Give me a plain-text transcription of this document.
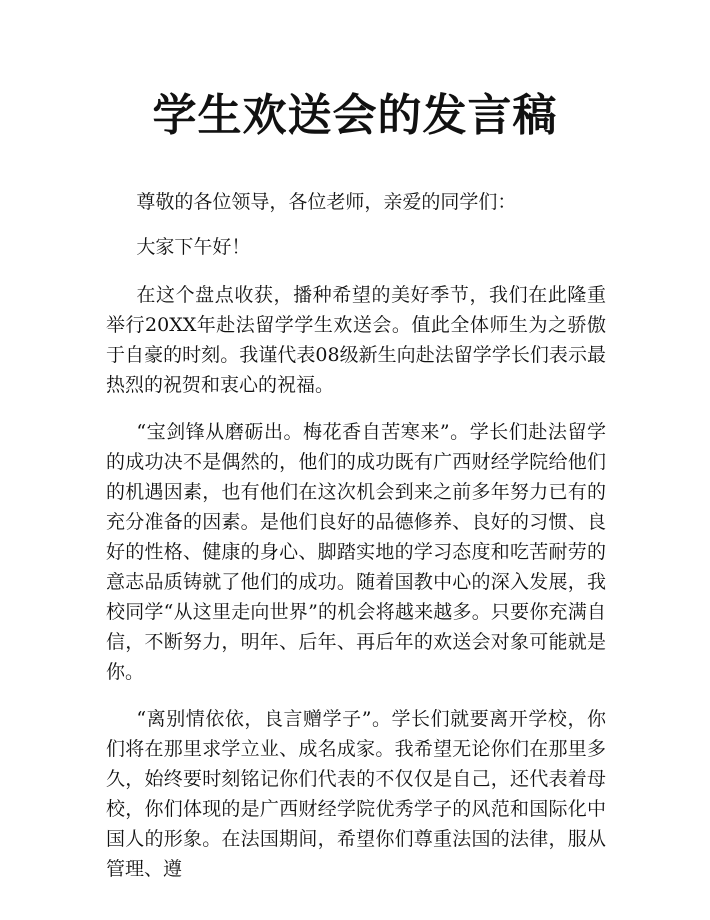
学生欢送会的发言稿

尊敬的各位领导，各位老师，亲爱的同学们：

大家下午好！

在这个盘点收获，播种希望的美好季节，我们在此隆重举行20XX年赴法留学学生欢送会。值此全体师生为之骄傲于自豪的时刻。我谨代表08级新生向赴法留学学长们表示最热烈的祝贺和衷心的祝福。

“宝剑锋从磨砺出。梅花香自苦寒来”。学长们赴法留学的成功决不是偶然的，他们的成功既有广西财经学院给他们的机遇因素，也有他们在这次机会到来之前多年努力已有的充分准备的因素。是他们良好的品德修养、良好的习惯、良好的性格、健康的身心、脚踏实地的学习态度和吃苦耐劳的意志品质铸就了他们的成功。随着国教中心的深入发展，我校同学“从这里走向世界”的机会将越来越多。只要你充满自信，不断努力，明年、后年、再后年的欢送会对象可能就是你。

“离别情依依，良言赠学子”。学长们就要离开学校，你们将在那里求学立业、成名成家。我希望无论你们在那里多久，始终要时刻铭记你们代表的不仅仅是自己，还代表着母校，你们体现的是广西财经学院优秀学子的风范和国际化中国人的形象。在法国期间，希望你们尊重法国的法律，服从管理、遵
